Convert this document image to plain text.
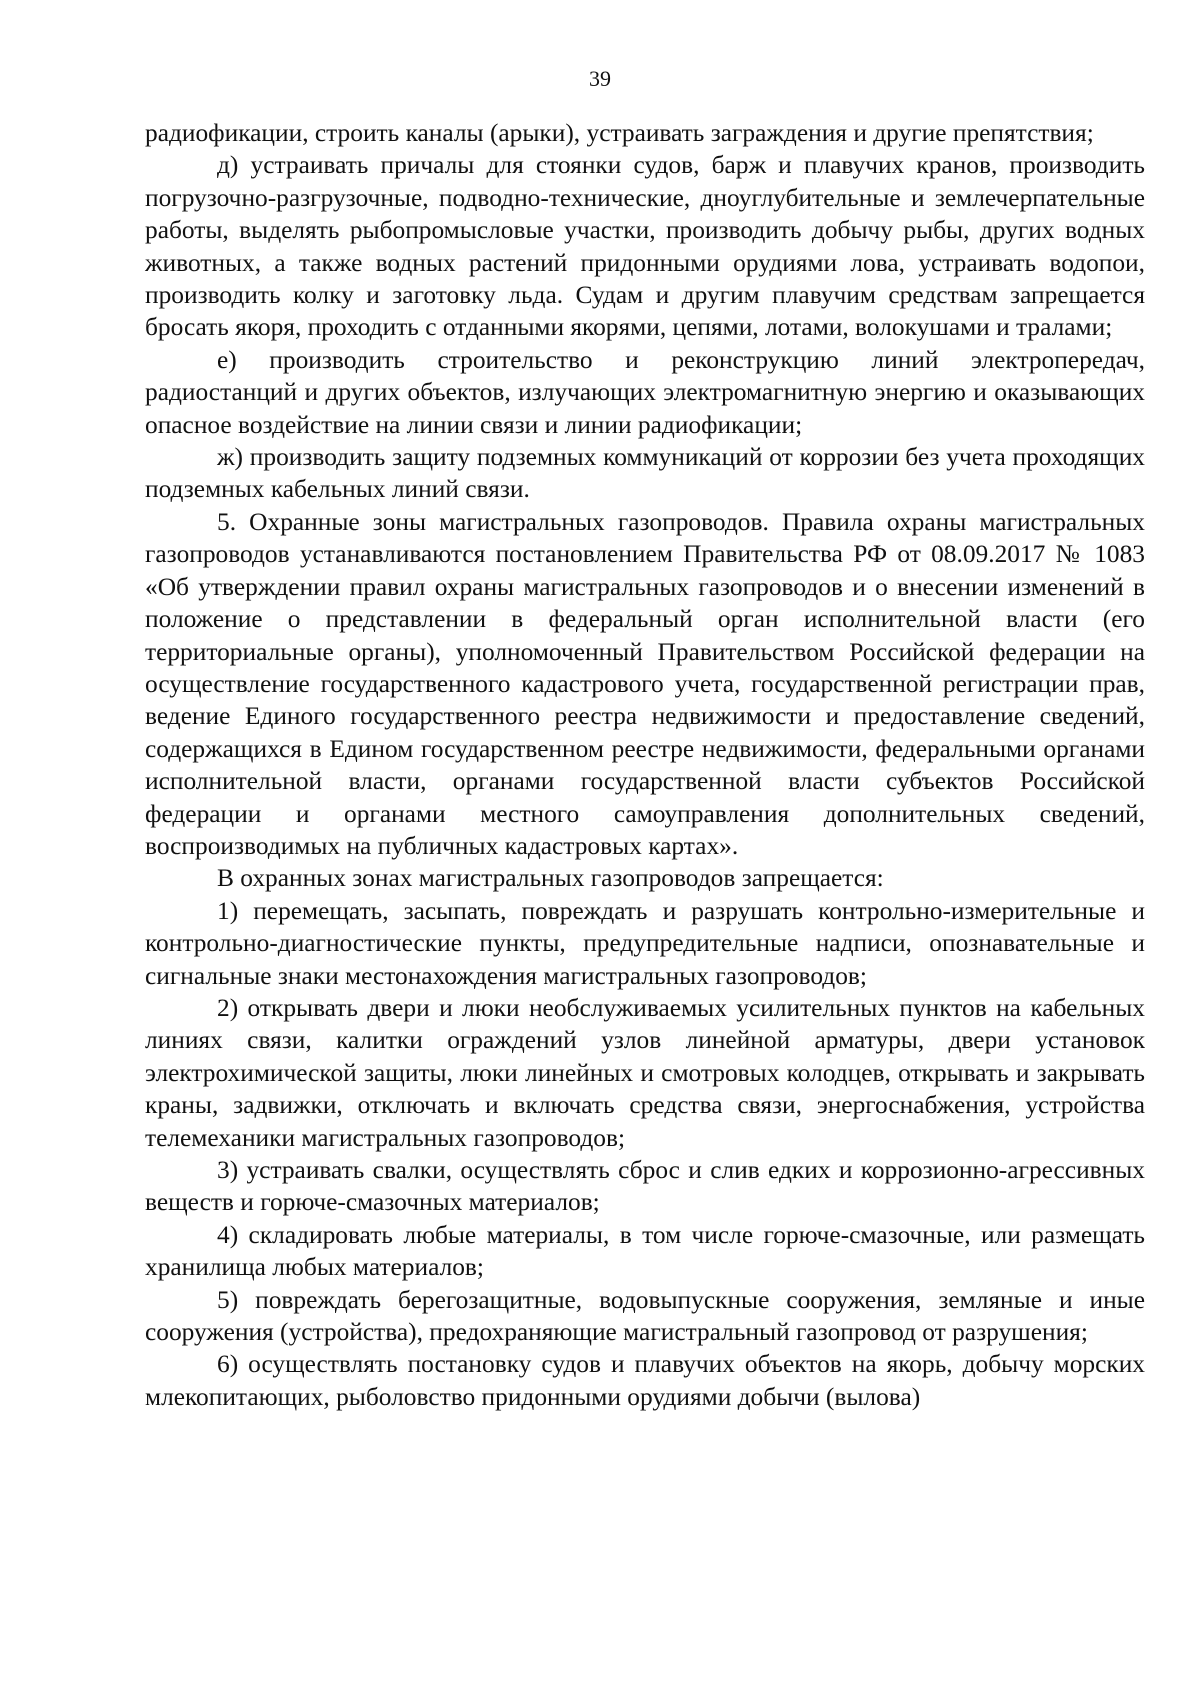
39

радиофикации, строить каналы (арыки), устраивать заграждения и другие препятствия;

д) устраивать причалы для стоянки судов, барж и плавучих кранов, производить погрузочно-разгрузочные, подводно-технические, дноуглубительные и землечерпательные работы, выделять рыбопромысловые участки, производить добычу рыбы, других водных животных, а также водных растений придонными орудиями лова, устраивать водопои, производить колку и заготовку льда. Судам и другим плавучим средствам запрещается бросать якоря, проходить с отданными якорями, цепями, лотами, волокушами и тралами;

е) производить строительство и реконструкцию линий электропередач, радиостанций и других объектов, излучающих электромагнитную энергию и оказывающих опасное воздействие на линии связи и линии радиофикации;

ж) производить защиту подземных коммуникаций от коррозии без учета проходящих подземных кабельных линий связи.

5. Охранные зоны магистральных газопроводов. Правила охраны магистральных газопроводов устанавливаются постановлением Правительства РФ от 08.09.2017 № 1083 «Об утверждении правил охраны магистральных газопроводов и о внесении изменений в положение о представлении в федеральный орган исполнительной власти (его территориальные органы), уполномоченный Правительством Российской федерации на осуществление государственного кадастрового учета, государственной регистрации прав, ведение Единого государственного реестра недвижимости и предоставление сведений, содержащихся в Едином государственном реестре недвижимости, федеральными органами исполнительной власти, органами государственной власти субъектов Российской федерации и органами местного самоуправления дополнительных сведений, воспроизводимых на публичных кадастровых картах».

В охранных зонах магистральных газопроводов запрещается:

1) перемещать, засыпать, повреждать и разрушать контрольно-измерительные и контрольно-диагностические пункты, предупредительные надписи, опознавательные и сигнальные знаки местонахождения магистральных газопроводов;

2) открывать двери и люки необслуживаемых усилительных пунктов на кабельных линиях связи, калитки ограждений узлов линейной арматуры, двери установок электрохимической защиты, люки линейных и смотровых колодцев, открывать и закрывать краны, задвижки, отключать и включать средства связи, энергоснабжения, устройства телемеханики магистральных газопроводов;

3) устраивать свалки, осуществлять сброс и слив едких и коррозионно-агрессивных веществ и горюче-смазочных материалов;

4) складировать любые материалы, в том числе горюче-смазочные, или размещать хранилища любых материалов;

5) повреждать берегозащитные, водовыпускные сооружения, земляные и иные сооружения (устройства), предохраняющие магистральный газопровод от разрушения;

6) осуществлять постановку судов и плавучих объектов на якорь, добычу морских млекопитающих, рыболовство придонными орудиями добычи (вылова)
